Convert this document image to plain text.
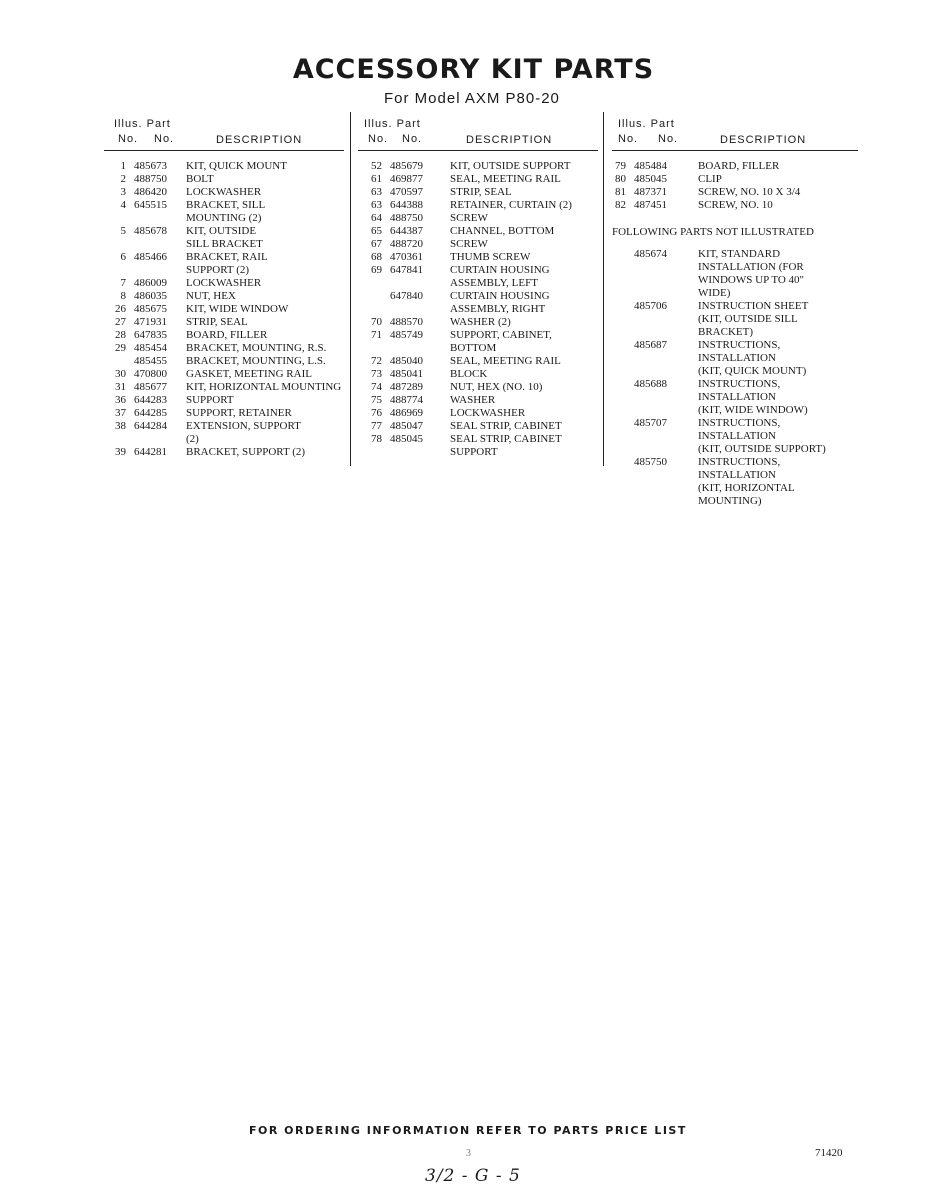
ACCESSORY KIT PARTS
For Model AXM P80-20
Illus. Part
No. No.	DESCRIPTION
1 485673	KIT, QUICK MOUNT
2 488750	BOLT
3 486420	LOCKWASHER
4 645515	BRACKET, SILL
MOUNTING (2)
5 485678	KIT, OUTSIDE
SILL BRACKET
6 485466	BRACKET, RAIL
SUPPORT (2)
7 486009	LOCKWASHER
8 486035	NUT, HEX
26 485675	KIT, WIDE WINDOW
27 471931	STRIP, SEAL
28 647835	BOARD, FILLER
29 485454	BRACKET, MOUNTING, R.S.
485455	BRACKET, MOUNTING, L.S.
30 470800	GASKET, MEETING RAIL
31 485677	KIT, HORIZONTAL MOUNTING
36 644283	SUPPORT
37 644285	SUPPORT, RETAINER
38 644284	EXTENSION, SUPPORT
(2)
39 644281	BRACKET, SUPPORT (2)
Illus. Part
No. No.	DESCRIPTION
52 485679	KIT, OUTSIDE SUPPORT
61 469877	SEAL, MEETING RAIL
63 470597	STRIP, SEAL
63 644388	RETAINER, CURTAIN (2)
64 488750	SCREW
65 644387	CHANNEL, BOTTOM
67 488720	SCREW
68 470361	THUMB SCREW
69 647841	CURTAIN HOUSING
ASSEMBLY, LEFT
647840	CURTAIN HOUSING
ASSEMBLY, RIGHT
70 488570	WASHER (2)
71 485749	SUPPORT, CABINET,
BOTTOM
72 485040	SEAL, MEETING RAIL
73 485041	BLOCK
74 487289	NUT, HEX (NO. 10)
75 488774	WASHER
76 486969	LOCKWASHER
77 485047	SEAL STRIP, CABINET
78 485045	SEAL STRIP, CABINET
SUPPORT
Illus. Part
No. No.	DESCRIPTION
79 485484	BOARD, FILLER
80 485045	CLIP
81 487371	SCREW, NO. 10 X 3/4
82 487451	SCREW, NO. 10
FOLLOWING PARTS NOT ILLUSTRATED
485674	KIT, STANDARD
INSTALLATION (FOR
WINDOWS UP TO 40"
WIDE)
485706	INSTRUCTION SHEET
(KIT, OUTSIDE SILL
BRACKET)
485687	INSTRUCTIONS, INSTALLATION
(KIT, QUICK MOUNT)
485688	INSTRUCTIONS, INSTALLATION
(KIT, WIDE WINDOW)
485707	INSTRUCTIONS, INSTALLATION
(KIT, OUTSIDE SUPPORT)
485750	INSTRUCTIONS, INSTALLATION
(KIT, HORIZONTAL MOUNTING)
FOR ORDERING INFORMATION REFER TO PARTS PRICE LIST
3	71420
3/2 - G - 5
